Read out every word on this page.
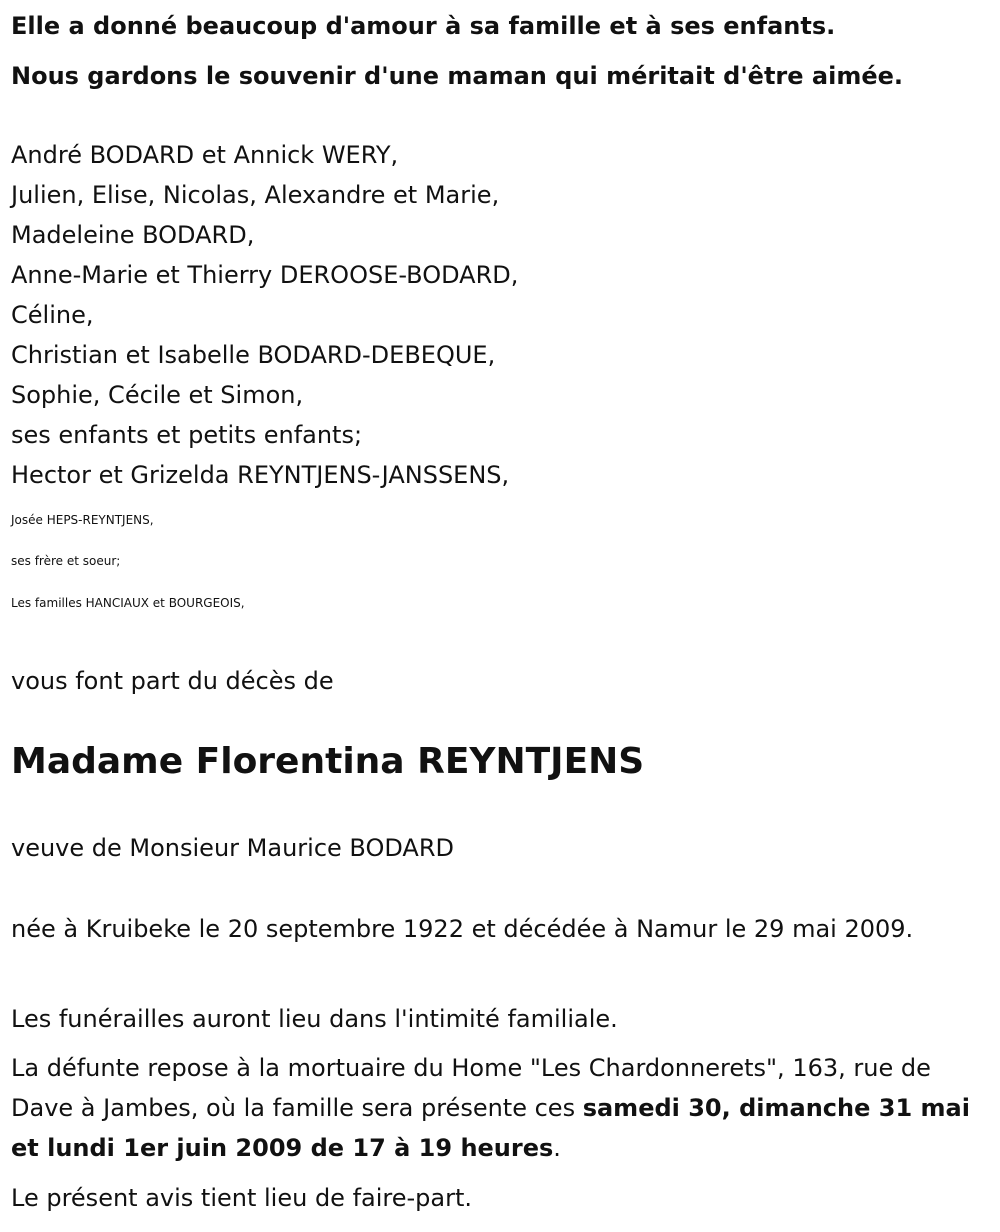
Elle a donné beaucoup d'amour à sa famille et à ses enfants.
Nous gardons le souvenir d'une maman qui méritait d'être aimée.
André BODARD et Annick WERY,
Julien, Elise, Nicolas, Alexandre et Marie,
Madeleine BODARD,
Anne-Marie et Thierry DEROOSE-BODARD,
Céline,
Christian et Isabelle BODARD-DEBEQUE,
Sophie, Cécile et Simon,
ses enfants et petits enfants;
Hector et Grizelda REYNTJENS-JANSSENS,
Josée HEPS-REYNTJENS,
ses frère et soeur;
Les familles HANCIAUX et BOURGEOIS,
vous font part du décès de
Madame Florentina REYNTJENS
veuve de Monsieur Maurice BODARD
née à Kruibeke le 20 septembre 1922 et décédée à Namur le 29 mai 2009.
Les funérailles auront lieu dans l'intimité familiale.
La défunte repose à la mortuaire du Home "Les Chardonnerets", 163, rue de Dave à Jambes, où la famille sera présente ces samedi 30, dimanche 31 mai et lundi 1er juin 2009 de 17 à 19 heures.
Le présent avis tient lieu de faire-part.
